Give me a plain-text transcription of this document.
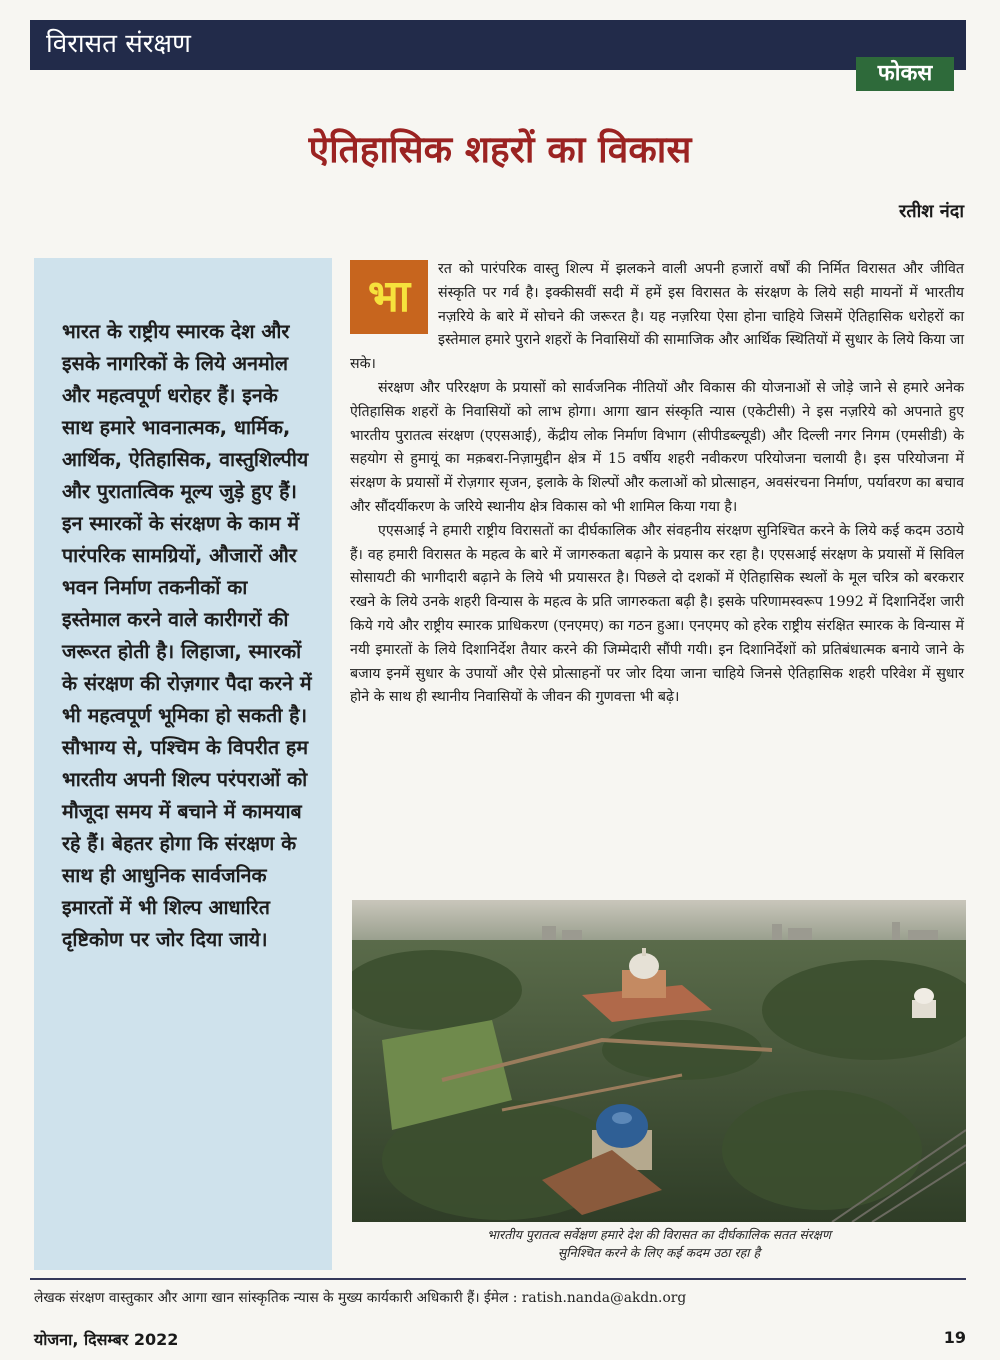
विरासत संरक्षण
फोकस
ऐतिहासिक शहरों का विकास
रतीश नंदा
भारत के राष्ट्रीय स्मारक देश और इसके नागरिकों के लिये अनमोल और महत्वपूर्ण धरोहर हैं। इनके साथ हमारे भावनात्मक, धार्मिक, आर्थिक, ऐतिहासिक, वास्तुशिल्पीय और पुरातात्विक मूल्य जुड़े हुए हैं। इन स्मारकों के संरक्षण के काम में पारंपरिक सामग्रियों, औजारों और भवन निर्माण तकनीकों का इस्तेमाल करने वाले कारीगरों की जरूरत होती है। लिहाजा, स्मारकों के संरक्षण की रोज़गार पैदा करने में भी महत्वपूर्ण भूमिका हो सकती है। सौभाग्य से, पश्चिम के विपरीत हम भारतीय अपनी शिल्प परंपराओं को मौजूदा समय में बचाने में कामयाब रहे हैं। बेहतर होगा कि संरक्षण के साथ ही आधुनिक सार्वजनिक इमारतों में भी शिल्प आधारित दृष्टिकोण पर जोर दिया जाये।

भा
रत को पारंपरिक वास्तु शिल्प में झलकने वाली अपनी हजारों वर्षों की निर्मित विरासत और जीवित संस्कृति पर गर्व है। इक्कीसवीं सदी में हमें इस विरासत के संरक्षण के लिये सही मायनों में भारतीय नज़रिये के बारे में सोचने की जरूरत है। यह नज़रिया ऐसा होना चाहिये जिसमें ऐतिहासिक धरोहरों का इस्तेमाल हमारे पुराने शहरों के निवासियों की सामाजिक और आर्थिक स्थितियों में सुधार के लिये किया जा सके।

संरक्षण और परिरक्षण के प्रयासों को सार्वजनिक नीतियों और विकास की योजनाओं से जोड़े जाने से हमारे अनेक ऐतिहासिक शहरों के निवासियों को लाभ होगा। आगा खान संस्कृति न्यास (एकेटीसी) ने इस नज़रिये को अपनाते हुए भारतीय पुरातत्व संरक्षण (एएसआई), केंद्रीय लोक निर्माण विभाग (सीपीडब्ल्यूडी) और दिल्ली नगर निगम (एमसीडी) के सहयोग से हुमायूं का मक़बरा-निज़ामुद्दीन क्षेत्र में 15 वर्षीय शहरी नवीकरण परियोजना चलायी है। इस परियोजना में संरक्षण के प्रयासों में रोज़गार सृजन, इलाके के शिल्पों और कलाओं को प्रोत्साहन, अवसंरचना निर्माण, पर्यावरण का बचाव और सौंदर्यीकरण के जरिये स्थानीय क्षेत्र विकास को भी शामिल किया गया है।

एएसआई ने हमारी राष्ट्रीय विरासतों का दीर्घकालिक और संवहनीय संरक्षण सुनिश्चित करने के लिये कई कदम उठाये हैं। वह हमारी विरासत के महत्व के बारे में जागरुकता बढ़ाने के प्रयास कर रहा है। एएसआई संरक्षण के प्रयासों में सिविल सोसायटी की भागीदारी बढ़ाने के लिये भी प्रयासरत है। पिछले दो दशकों में ऐतिहासिक स्थलों के मूल चरित्र को बरकरार रखने के लिये उनके शहरी विन्यास के महत्व के प्रति जागरुकता बढ़ी है। इसके परिणामस्वरूप 1992 में दिशानिर्देश जारी किये गये और राष्ट्रीय स्मारक प्राधिकरण (एनएमए) का गठन हुआ। एनएमए को हरेक राष्ट्रीय संरक्षित स्मारक के विन्यास में नयी इमारतों के लिये दिशानिर्देश तैयार करने की जिम्मेदारी सौंपी गयी। इन दिशानिर्देशों को प्रतिबंधात्मक बनाये जाने के बजाय इनमें सुधार के उपायों और ऐसे प्रोत्साहनों पर जोर दिया जाना चाहिये जिनसे ऐतिहासिक शहरी परिवेश में सुधार होने के साथ ही स्थानीय निवासियों के जीवन की गुणवत्ता भी बढ़े।

भारतीय पुरातत्व सर्वेक्षण हमारे देश की विरासत का दीर्घकालिक सतत संरक्षण
सुनिश्चित करने के लिए कई कदम उठा रहा है
लेखक संरक्षण वास्तुकार और आगा खान सांस्कृतिक न्यास के मुख्य कार्यकारी अधिकारी हैं। ईमेल : ratish.nanda@akdn.org
योजना, दिसम्बर 2022	19
